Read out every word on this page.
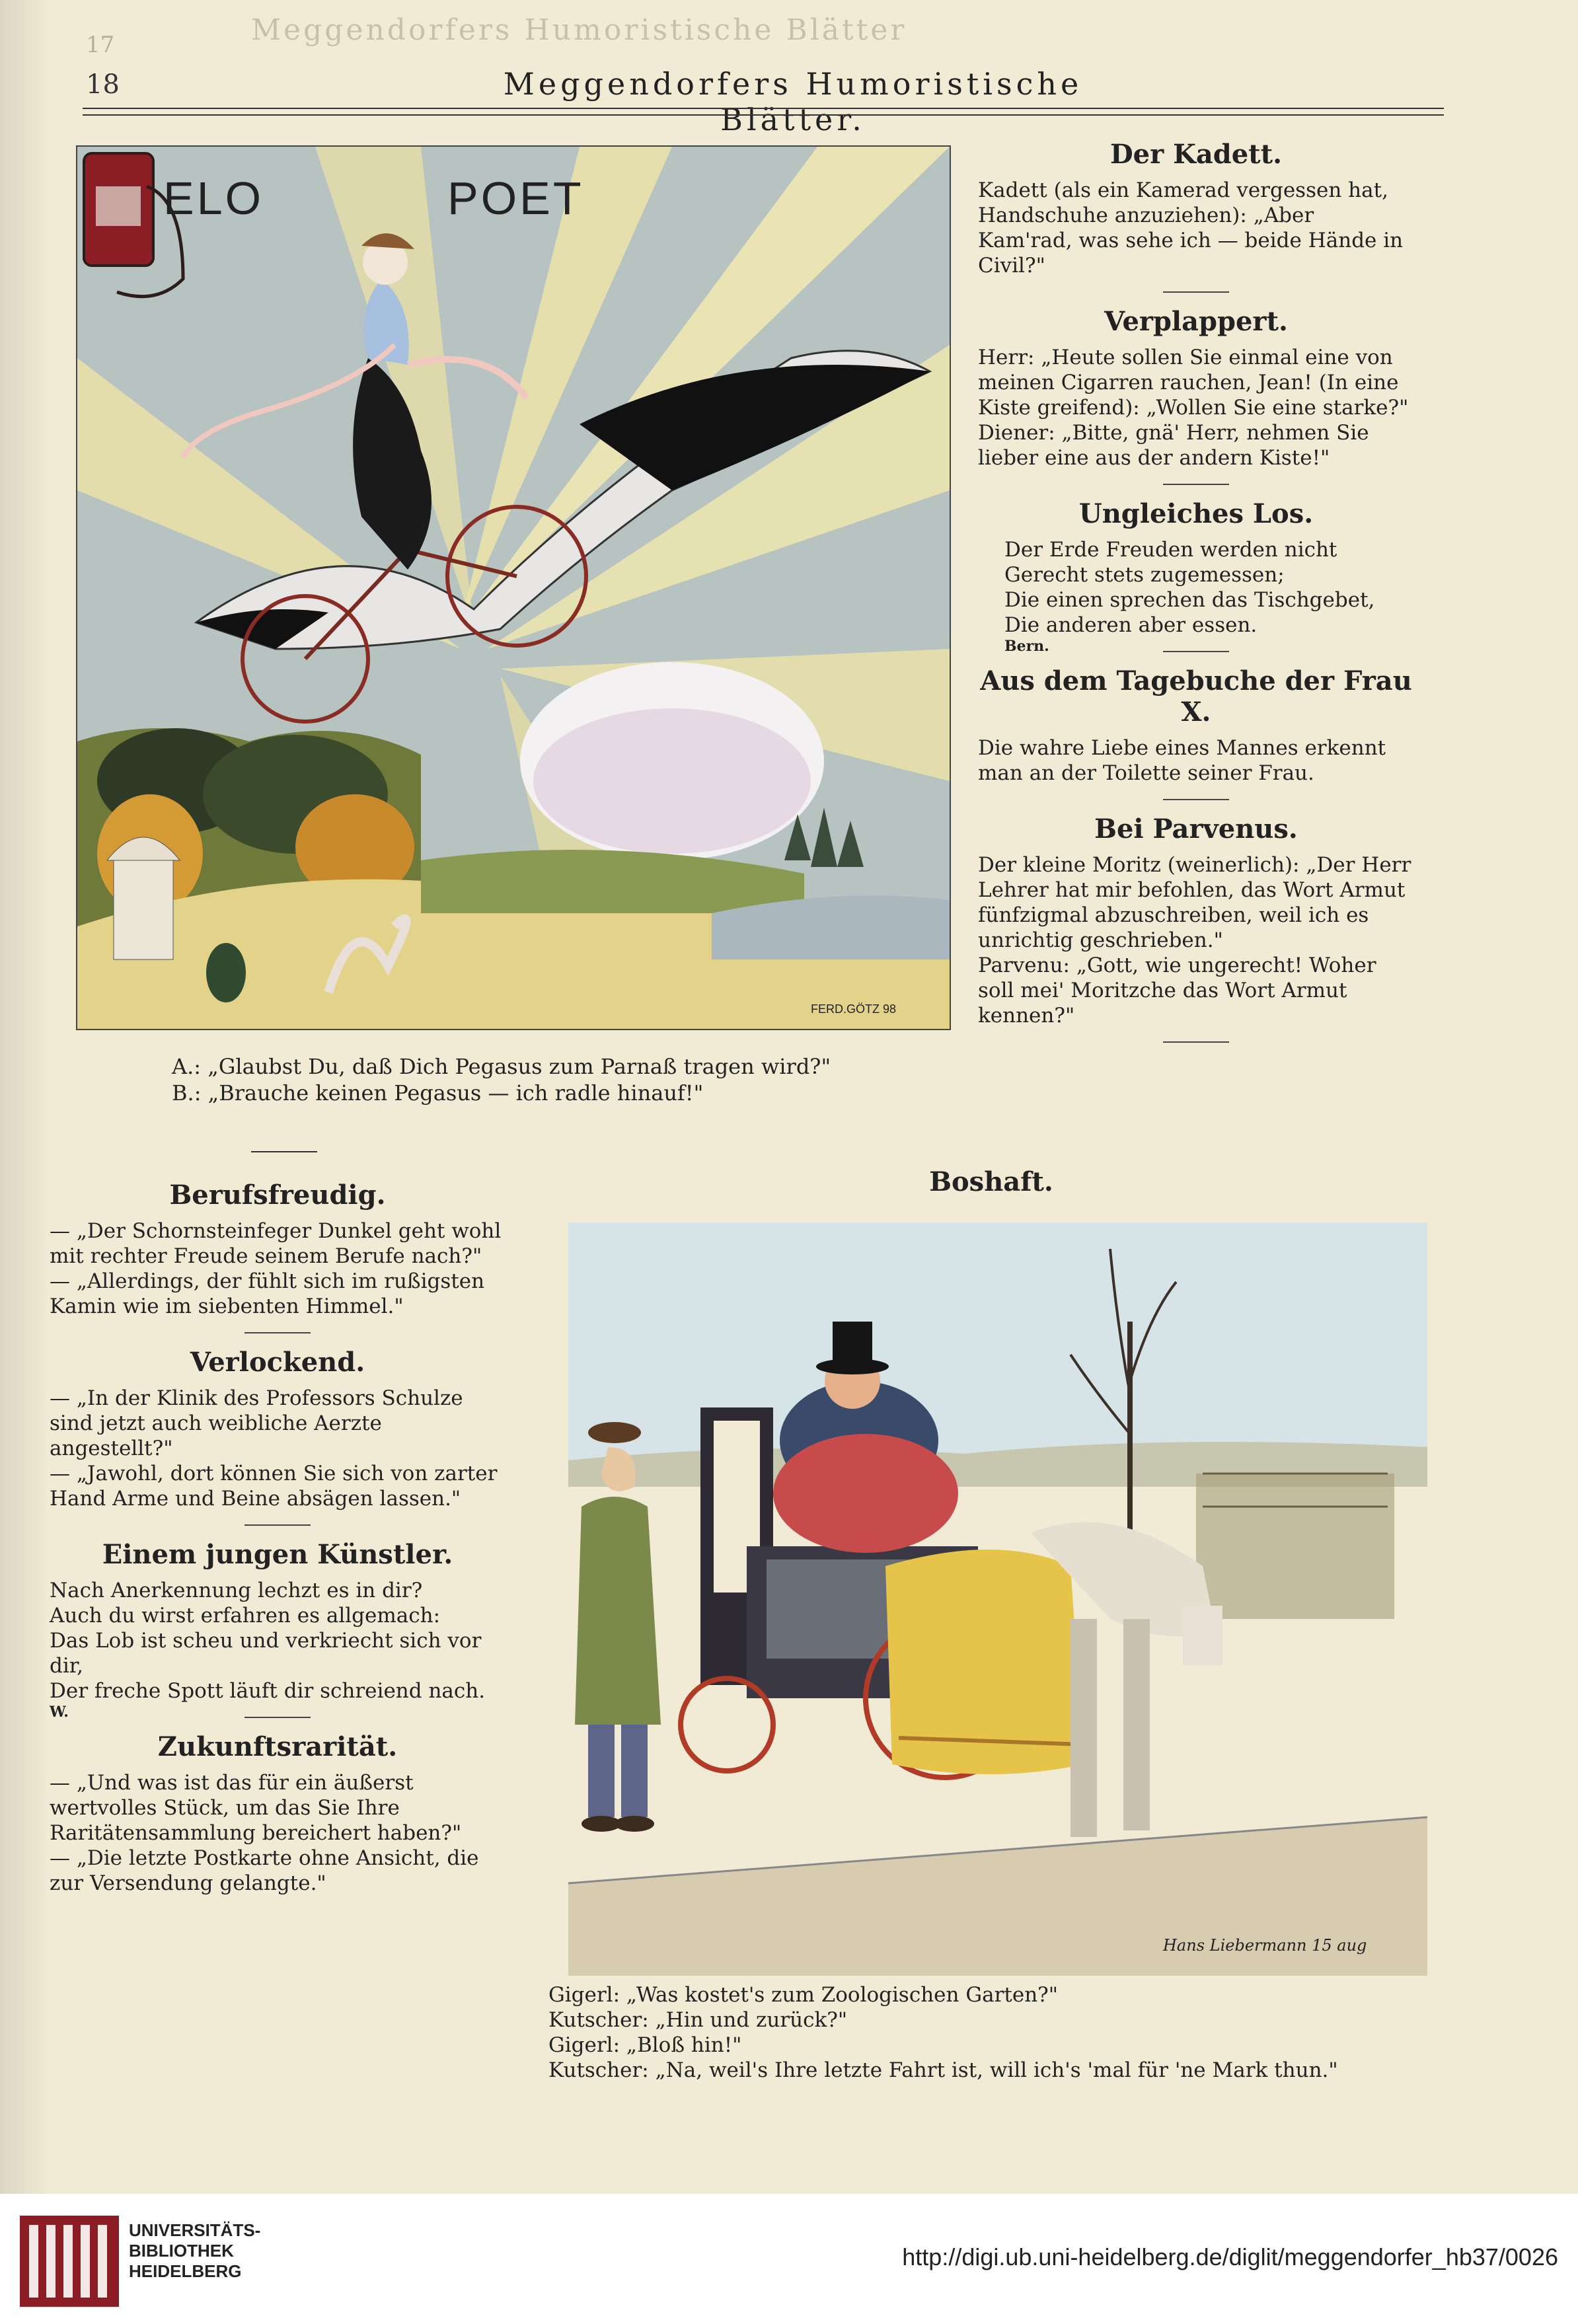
Meggendorfers Humoristische Blätter
17
18	Meggendorfers Humoristische Blätter.
ELO	POET
FERD.GÖTZ 98
A.: „Glaubst Du, daß Dich Pegasus zum Parnaß tragen wird?"
B.: „Brauche keinen Pegasus — ich radle hinauf!"

Der Kadett.

Kadett (als ein Kamerad vergessen hat, Handschuhe anzuziehen): „Aber Kam'rad, was sehe ich — beide Hände in Civil?"

Verplappert.

Herr: „Heute sollen Sie einmal eine von meinen Cigarren rauchen, Jean! (In eine Kiste greifend): „Wollen Sie eine starke?"

Diener: „Bitte, gnä' Herr, nehmen Sie lieber eine aus der andern Kiste!"

Ungleiches Los.

Der Erde Freuden werden nicht

Gerecht stets zugemessen;

Die einen sprechen das Tischgebet,

Die anderen aber essen.

Bern.

Aus dem Tagebuche der Frau X.

Die wahre Liebe eines Mannes erkennt man an der Toilette seiner Frau.

Bei Parvenus.

Der kleine Moritz (weinerlich): „Der Herr Lehrer hat mir befohlen, das Wort Armut fünfzigmal abzuschreiben, weil ich es unrichtig geschrieben."

Parvenu: „Gott, wie ungerecht! Woher soll mei' Moritzche das Wort Armut kennen?"

Berufsfreudig.

— „Der Schornsteinfeger Dunkel geht wohl mit rechter Freude seinem Berufe nach?"

— „Allerdings, der fühlt sich im rußigsten Kamin wie im siebenten Himmel."

Verlockend.

— „In der Klinik des Professors Schulze sind jetzt auch weibliche Aerzte angestellt?"

— „Jawohl, dort können Sie sich von zarter Hand Arme und Beine absägen lassen."

Einem jungen Künstler.

Nach Anerkennung lechzt es in dir?

Auch du wirst erfahren es allgemach:

Das Lob ist scheu und verkriecht sich vor dir,

Der freche Spott läuft dir schreiend nach.

W.

Zukunftsrarität.

— „Und was ist das für ein äußerst wertvolles Stück, um das Sie Ihre Raritätensammlung bereichert haben?"

— „Die letzte Postkarte ohne Ansicht, die zur Versendung gelangte."

Boshaft.

Hans Liebermann 15 aug

Gigerl: „Was kostet's zum Zoologischen Garten?"

Kutscher: „Hin und zurück?"

Gigerl: „Bloß hin!"

Kutscher: „Na, weil's Ihre letzte Fahrt ist, will ich's 'mal für 'ne Mark thun."

UNIVERSITÄTS-
BIBLIOTHEK
HEIDELBERG
http://digi.ub.uni-heidelberg.de/diglit/meggendorfer_hb37/0026
